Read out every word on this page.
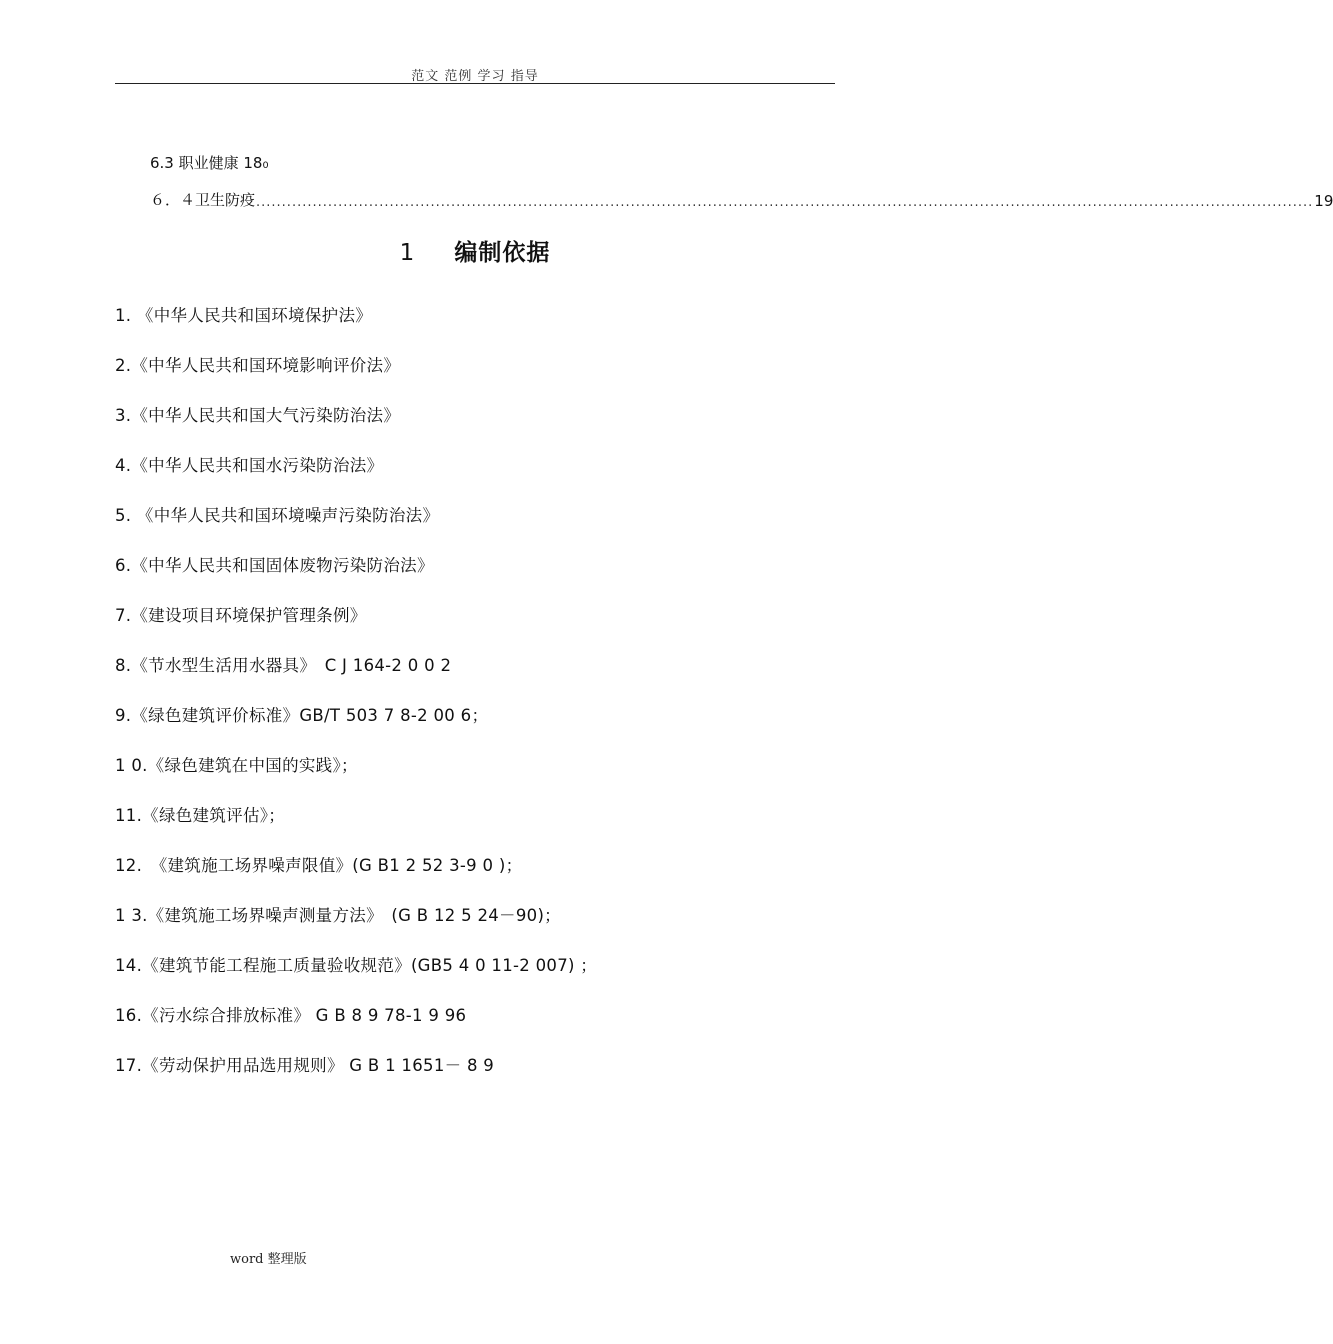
范文 范例 学习 指导
6.3 职业健康 18₀
６．４卫生防疫 .............................................................................................................................................................................................................. 19
1 编制依据
1. 《中华人民共和国环境保护法》
2.《中华人民共和国环境影响评价法》
3.《中华人民共和国大气污染防治法》
4.《中华人民共和国水污染防治法》
5. 《中华人民共和国环境噪声污染防治法》
6.《中华人民共和国固体废物污染防治法》
7.《建设项目环境保护管理条例》
8.《节水型生活用水器具》　C J 164-2 0 0 2
9.《绿色建筑评价标准》GB/T 503 7 8-2 00 6；
1 0.《绿色建筑在中国的实践》；
11.《绿色建筑评估》；
12.　《建筑施工场界噪声限值》(G B1 2 52 3-9 0 )；
1 3.《建筑施工场界噪声测量方法》　(G B 12 5 24－90)；
14.《建筑节能工程施工质量验收规范》(GB5 4 0 11-2 007) ；
16.《污水综合排放标准》 G B 8 9 78-1 9 96
17.《劳动保护用品选用规则》 G B 1 1651－ 8 9
word 整理版
